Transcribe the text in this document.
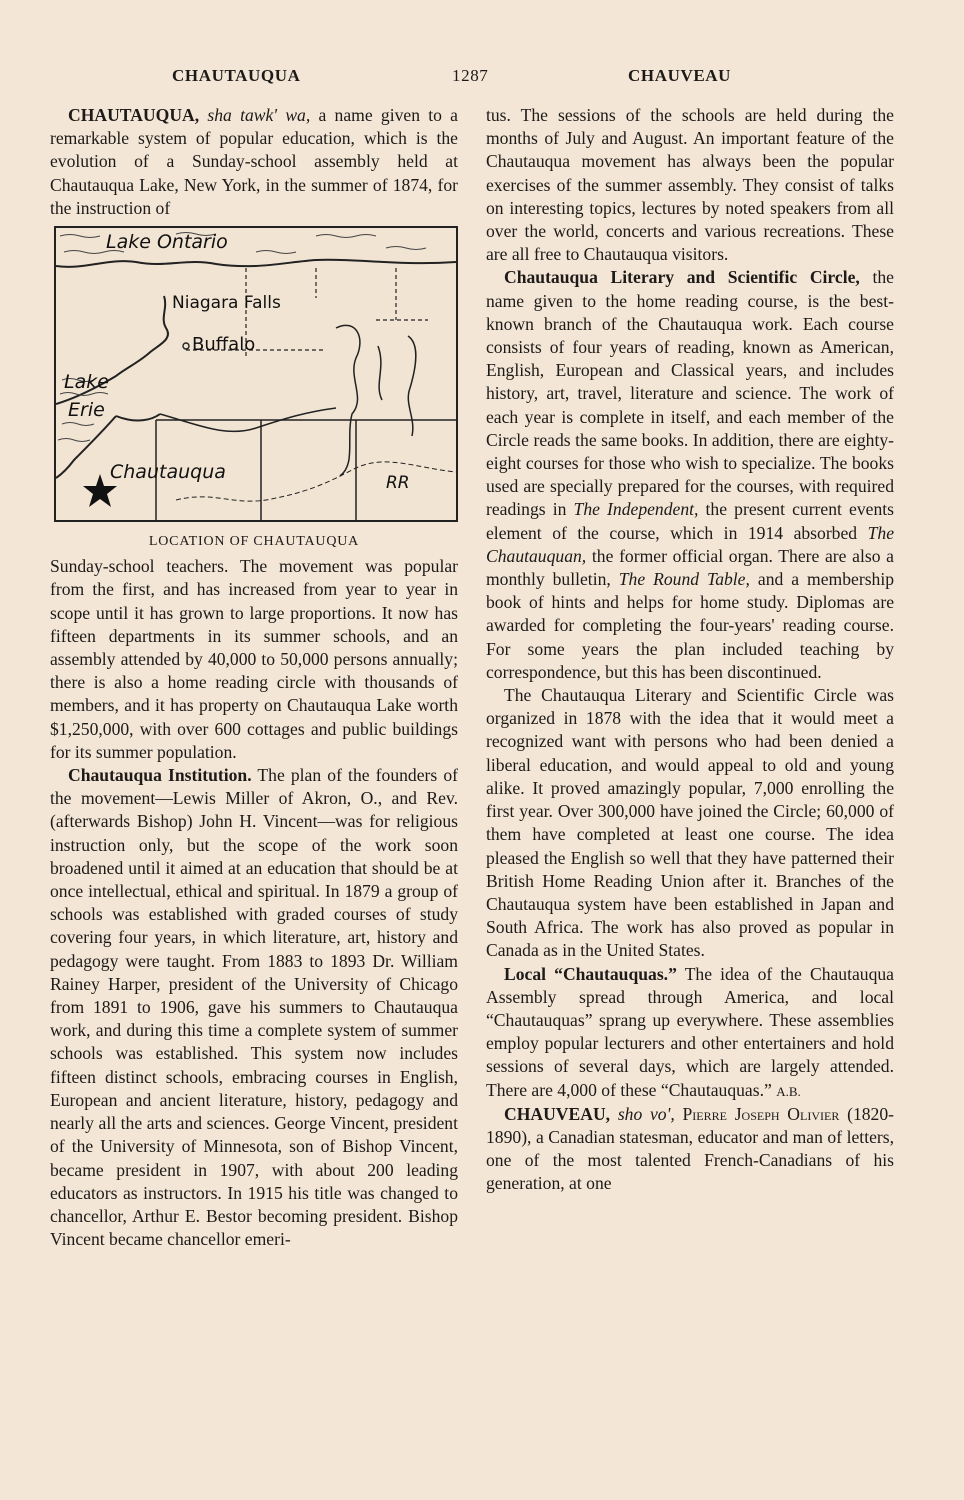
CHAUTAUQUA	1287	CHAUVEAU

CHAUTAUQUA, sha tawk' wa, a name given to a remarkable system of popular education, which is the evolution of a Sunday-school assembly held at Chautauqua Lake, New York, in the summer of 1874, for the instruction of

Lake Ontario
Lake
Erie
Niagara Falls
Buffalo
RR
Chautauqua
LOCATION OF CHAUTAUQUA

Sunday-school teachers. The movement was popular from the first, and has increased from year to year in scope until it has grown to large proportions. It now has fifteen departments in its summer schools, and an assembly attended by 40,000 to 50,000 persons annually; there is also a home reading circle with thousands of members, and it has property on Chautauqua Lake worth $1,250,000, with over 600 cottages and public buildings for its summer population.

Chautauqua Institution. The plan of the founders of the movement—Lewis Miller of Akron, O., and Rev. (afterwards Bishop) John H. Vincent—was for religious instruction only, but the scope of the work soon broadened until it aimed at an education that should be at once intellectual, ethical and spiritual. In 1879 a group of schools was established with graded courses of study covering four years, in which literature, art, history and pedagogy were taught. From 1883 to 1893 Dr. William Rainey Harper, president of the University of Chicago from 1891 to 1906, gave his summers to Chautauqua work, and during this time a complete system of summer schools was established. This system now includes fifteen distinct schools, embracing courses in English, European and ancient literature, history, pedagogy and nearly all the arts and sciences. George Vincent, president of the University of Minnesota, son of Bishop Vincent, became president in 1907, with about 200 leading educators as instructors. In 1915 his title was changed to chancellor, Arthur E. Bestor becoming president. Bishop Vincent became chancellor emeri-

tus. The sessions of the schools are held during the months of July and August. An important feature of the Chautauqua movement has always been the popular exercises of the summer assembly. They consist of talks on interesting topics, lectures by noted speakers from all over the world, concerts and various recreations. These are all free to Chautauqua visitors.

Chautauqua Literary and Scientific Circle, the name given to the home reading course, is the best-known branch of the Chautauqua work. Each course consists of four years of reading, known as American, English, European and Classical years, and includes history, art, travel, literature and science. The work of each year is complete in itself, and each member of the Circle reads the same books. In addition, there are eighty-eight courses for those who wish to specialize. The books used are specially prepared for the courses, with required readings in The Independent, the present current events element of the course, which in 1914 absorbed The Chautauquan, the former official organ. There are also a monthly bulletin, The Round Table, and a membership book of hints and helps for home study. Diplomas are awarded for completing the four-years' reading course. For some years the plan included teaching by correspondence, but this has been discontinued.

The Chautauqua Literary and Scientific Circle was organized in 1878 with the idea that it would meet a recognized want with persons who had been denied a liberal education, and would appeal to old and young alike. It proved amazingly popular, 7,000 enrolling the first year. Over 300,000 have joined the Circle; 60,000 of them have completed at least one course. The idea pleased the English so well that they have patterned their British Home Reading Union after it. Branches of the Chautauqua system have been established in Japan and South Africa. The work has also proved as popular in Canada as in the United States.

Local “Chautauquas.” The idea of the Chautauqua Assembly spread through America, and local “Chautauquas” sprang up everywhere. These assemblies employ popular lecturers and other entertainers and hold sessions of several days, which are largely attended. There are 4,000 of these “Chautauquas.” A.B.

CHAUVEAU, sho vo', Pierre Joseph Olivier (1820-1890), a Canadian statesman, educator and man of letters, one of the most talented French-Canadians of his generation, at one
